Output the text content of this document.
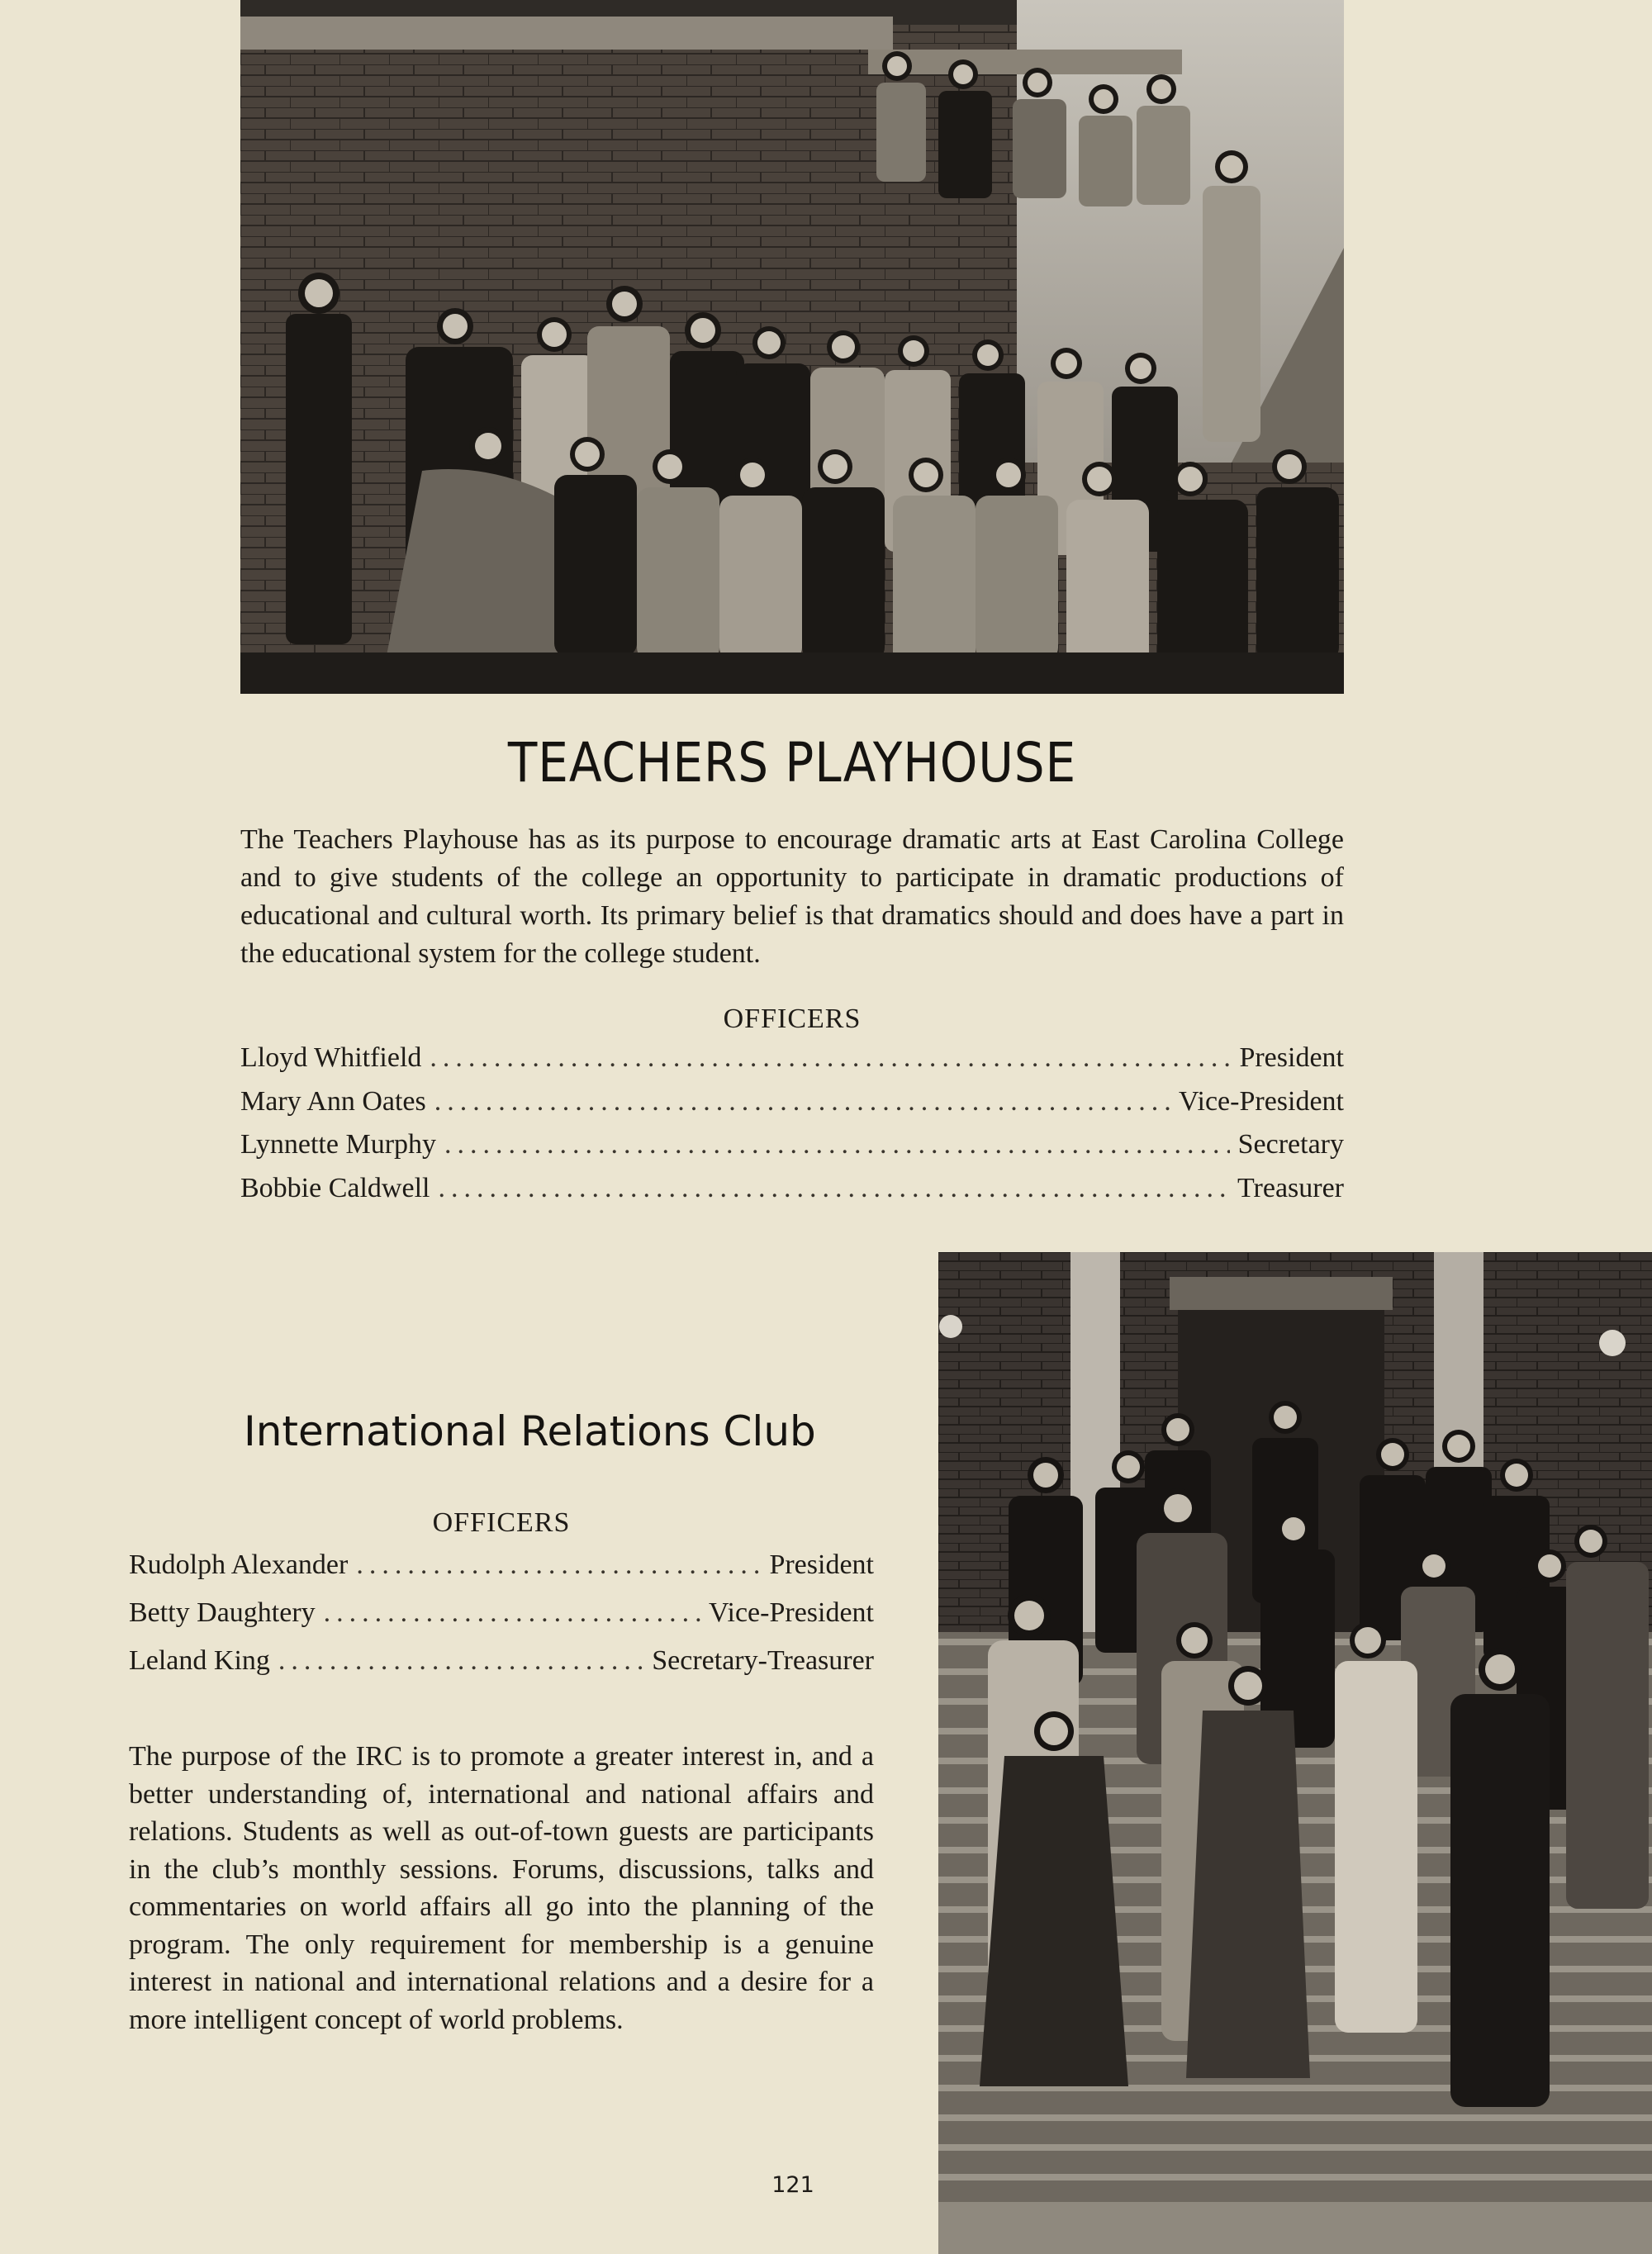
TEACHERS PLAYHOUSE

The Teachers Playhouse has as its purpose to encourage dramatic arts at East Carolina College and to give students of the college an opportunity to participate in dramatic productions of educational and cultural worth. Its primary belief is that dramatics should and does have a part in the educational system for the college student.

OFFICERS
Lloyd Whitfield .....	President
Mary Ann Oates .....	Vice-President
Lynnette Murphy .....	Secretary
Bobbie Caldwell .....	Treasurer
International Relations Club
OFFICERS
Rudolph Alexander .....	President
Betty Daughtery .....	Vice-President
Leland King .....	Secretary-Treasurer

The purpose of the IRC is to promote a greater interest in, and a better understanding of, international and national affairs and relations. Students as well as out-of-town guests are participants in the club’s monthly sessions. Forums, discussions, talks and commentaries on world affairs all go into the planning of the program. The only requirement for membership is a genuine interest in national and international relations and a desire for a more intelligent concept of world problems.

121
